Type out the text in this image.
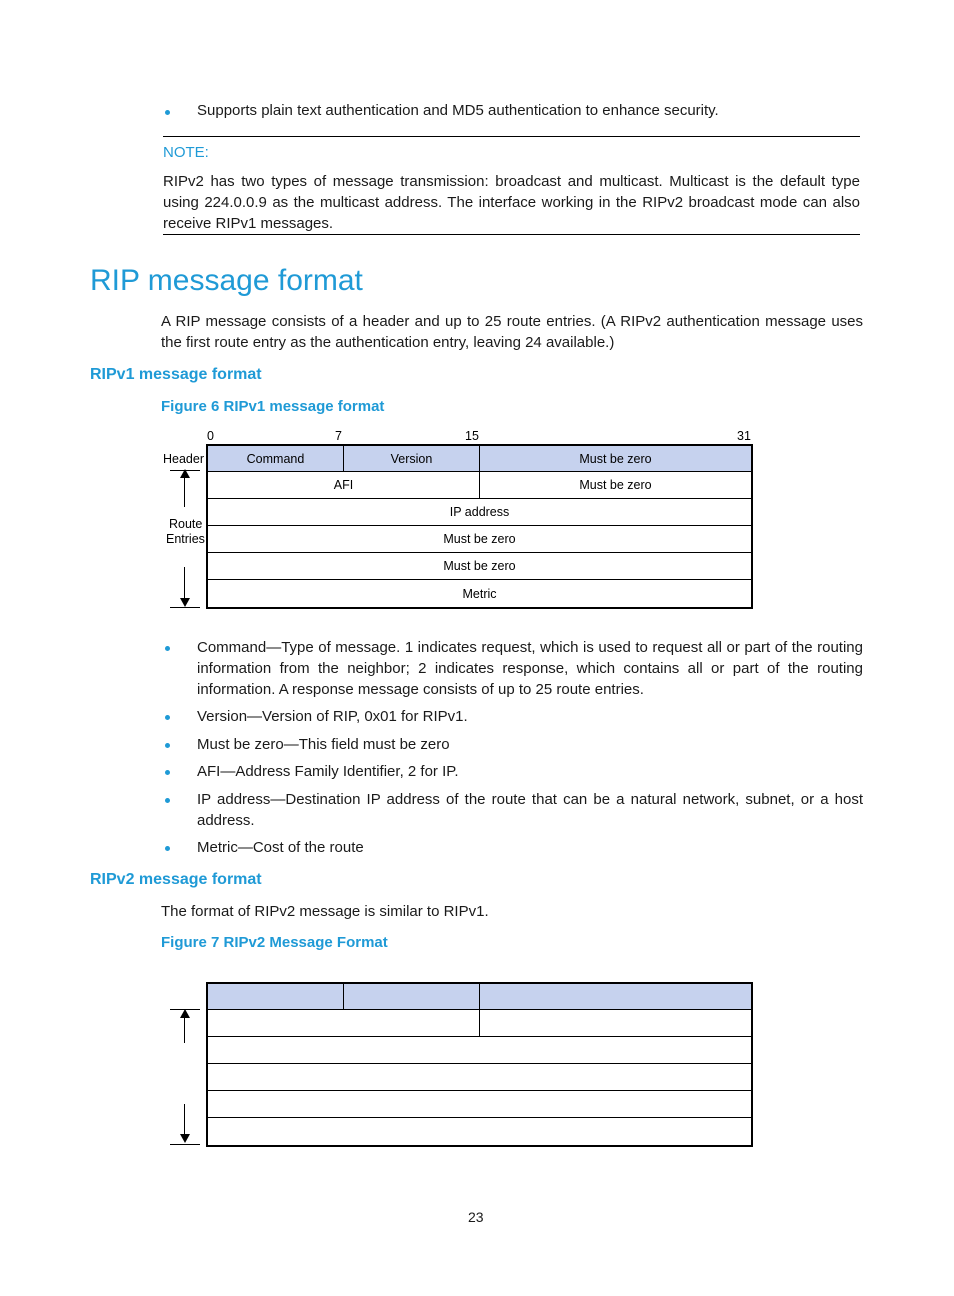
Supports plain text authentication and MD5 authentication to enhance security.
NOTE:
RIPv2 has two types of message transmission: broadcast and multicast. Multicast is the default type using 224.0.0.9 as the multicast address. The interface working in the RIPv2 broadcast mode can also receive RIPv1 messages.
RIP message format
A RIP message consists of a header and up to 25 route entries. (A RIPv2 authentication message uses the first route entry as the authentication entry, leaving 24 available.)
RIPv1 message format
Figure 6 RIPv1 message format
0	7	15	31
Header
Route
Entries
Command	Version	Must be zero
AFI	Must be zero
IP address
Must be zero
Must be zero
Metric
Command—Type of message. 1 indicates request, which is used to request all or part of the routing information from the neighbor; 2 indicates response, which contains all or part of the routing information. A response message consists of up to 25 route entries.
Version—Version of RIP, 0x01 for RIPv1.
Must be zero—This field must be zero
AFI—Address Family Identifier, 2 for IP.
IP address—Destination IP address of the route that can be a natural network, subnet, or a host address.
Metric—Cost of the route
RIPv2 message format
The format of RIPv2 message is similar to RIPv1.
Figure 7 RIPv2 Message Format
23
